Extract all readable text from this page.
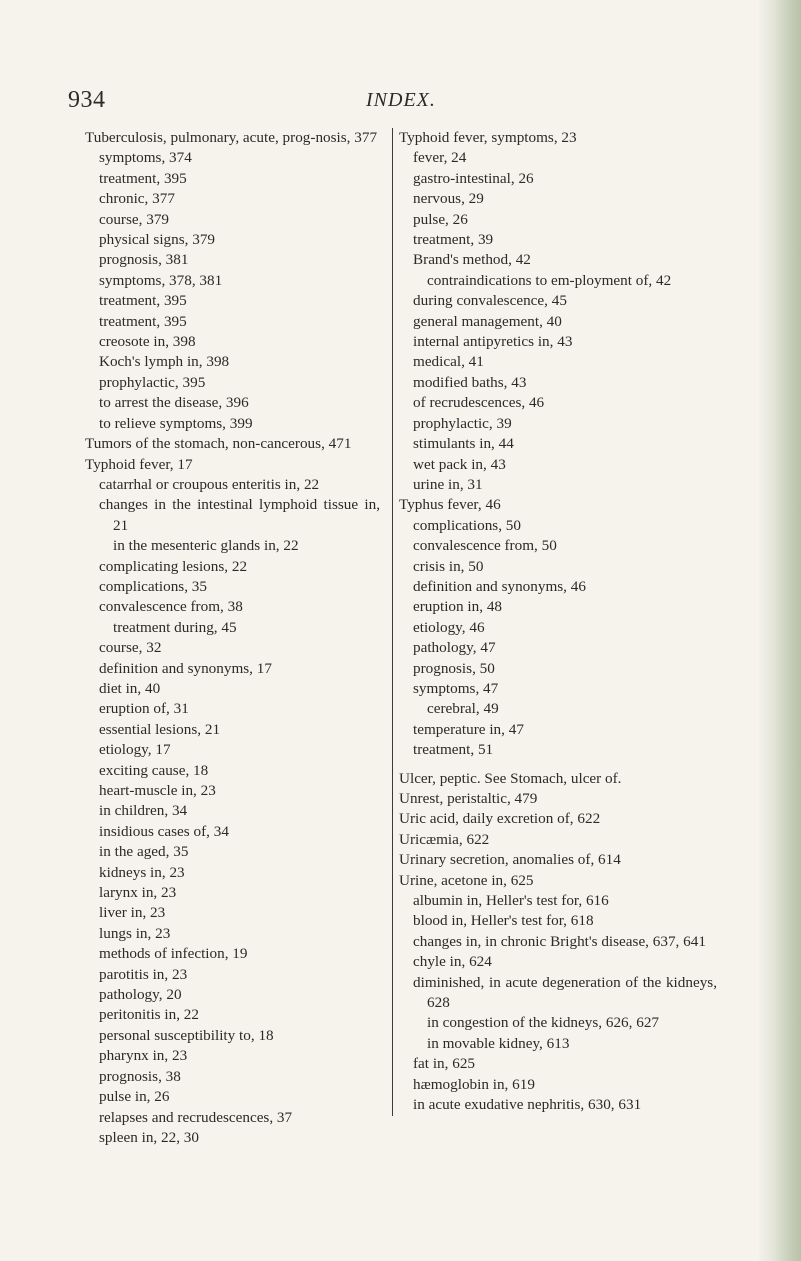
934	INDEX.
Tuberculosis, pulmonary, acute, prog-nosis, 377
symptoms, 374
treatment, 395
chronic, 377
course, 379
physical signs, 379
prognosis, 381
symptoms, 378, 381
treatment, 395
treatment, 395
creosote in, 398
Koch's lymph in, 398
prophylactic, 395
to arrest the disease, 396
to relieve symptoms, 399
Tumors of the stomach, non-cancerous, 471
Typhoid fever, 17
catarrhal or croupous enteritis in, 22
changes in the intestinal lymphoid tissue in, 21
in the mesenteric glands in, 22
complicating lesions, 22
complications, 35
convalescence from, 38
treatment during, 45
course, 32
definition and synonyms, 17
diet in, 40
eruption of, 31
essential lesions, 21
etiology, 17
exciting cause, 18
heart-muscle in, 23
in children, 34
insidious cases of, 34
in the aged, 35
kidneys in, 23
larynx in, 23
liver in, 23
lungs in, 23
methods of infection, 19
parotitis in, 23
pathology, 20
peritonitis in, 22
personal susceptibility to, 18
pharynx in, 23
prognosis, 38
pulse in, 26
relapses and recrudescences, 37
spleen in, 22, 30
Typhoid fever, symptoms, 23
fever, 24
gastro-intestinal, 26
nervous, 29
pulse, 26
treatment, 39
Brand's method, 42
contraindications to em-ployment of, 42
during convalescence, 45
general management, 40
internal antipyretics in, 43
medical, 41
modified baths, 43
of recrudescences, 46
prophylactic, 39
stimulants in, 44
wet pack in, 43
urine in, 31
Typhus fever, 46
complications, 50
convalescence from, 50
crisis in, 50
definition and synonyms, 46
eruption in, 48
etiology, 46
pathology, 47
prognosis, 50
symptoms, 47
cerebral, 49
temperature in, 47
treatment, 51
Ulcer, peptic. See Stomach, ulcer of.
Unrest, peristaltic, 479
Uric acid, daily excretion of, 622
Uricæmia, 622
Urinary secretion, anomalies of, 614
Urine, acetone in, 625
albumin in, Heller's test for, 616
blood in, Heller's test for, 618
changes in, in chronic Bright's disease, 637, 641
chyle in, 624
diminished, in acute degeneration of the kidneys, 628
in congestion of the kidneys, 626, 627
in movable kidney, 613
fat in, 625
hæmoglobin in, 619
in acute exudative nephritis, 630, 631
